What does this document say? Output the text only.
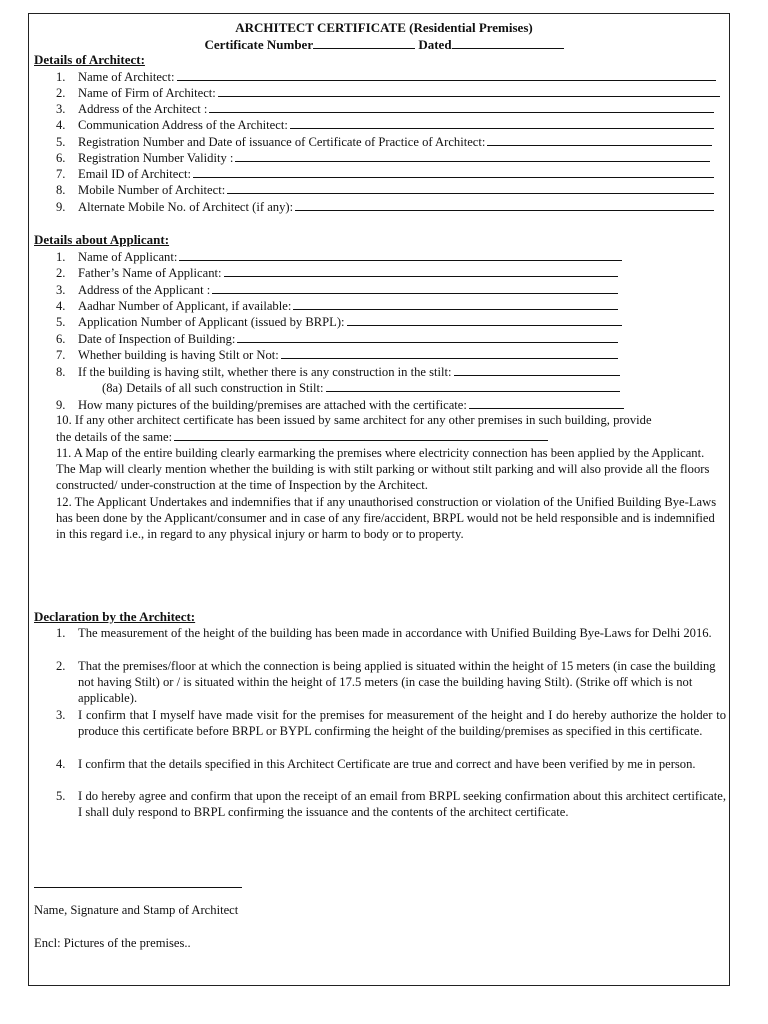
ARCHITECT CERTIFICATE (Residential Premises)
Certificate Number	Dated
Details of Architect:
1. Name of Architect:
2. Name of Firm of Architect:
3. Address of the Architect :
4. Communication Address of the Architect:
5. Registration Number and Date of issuance of Certificate of Practice of Architect:
6. Registration Number Validity :
7. Email ID of Architect:
8. Mobile Number of Architect:
9. Alternate Mobile No. of Architect (if any):
Details about Applicant:
1. Name of Applicant:
2. Father’s Name of Applicant:
3. Address of the Applicant :
4. Aadhar Number of Applicant, if available:
5. Application Number of Applicant (issued by BRPL):
6. Date of Inspection of Building:
7. Whether building is having Stilt or Not:
8. If the building is having stilt, whether there is any construction in the stilt:
(8a) Details of all such construction in Stilt:
9. How many pictures of the building/premises are attached with the certificate:
10. If any other architect certificate has been issued by same architect for any other premises in such building, provide
the details of the same:
11. A Map of the entire building clearly earmarking the premises where electricity connection has been applied by the Applicant. The Map will clearly mention whether the building is with stilt parking or without stilt parking and will also provide all the floors constructed/ under-construction at the time of Inspection by the Architect.
12. The Applicant Undertakes and indemnifies that if any unauthorised construction or violation of the Unified Building Bye-Laws has been done by the Applicant/consumer and in case of any fire/accident, BRPL would not be held responsible and is indemnified in this regard i.e., in regard to any physical injury or harm to body or to property.
Declaration by the Architect:
1. The measurement of the height of the building has been made in accordance with Unified Building Bye-Laws for Delhi 2016.
2. That the premises/floor at which the connection is being applied is situated within the height of 15 meters (in case the building not having Stilt) or / is situated within the height of 17.5 meters (in case the building having Stilt). (Strike off which is not applicable).
3. I confirm that I myself have made visit for the premises for measurement of the height and I do hereby authorize the holder to produce this certificate before BRPL or BYPL confirming the height of the building/premises as specified in this certificate.
4. I confirm that the details specified in this Architect Certificate are true and correct and have been verified by me in person.
5. I do hereby agree and confirm that upon the receipt of an email from BRPL seeking confirmation about this architect certificate, I shall duly respond to BRPL confirming the issuance and the contents of the architect certificate.
Name, Signature and Stamp of Architect
Encl: Pictures of the premises..
